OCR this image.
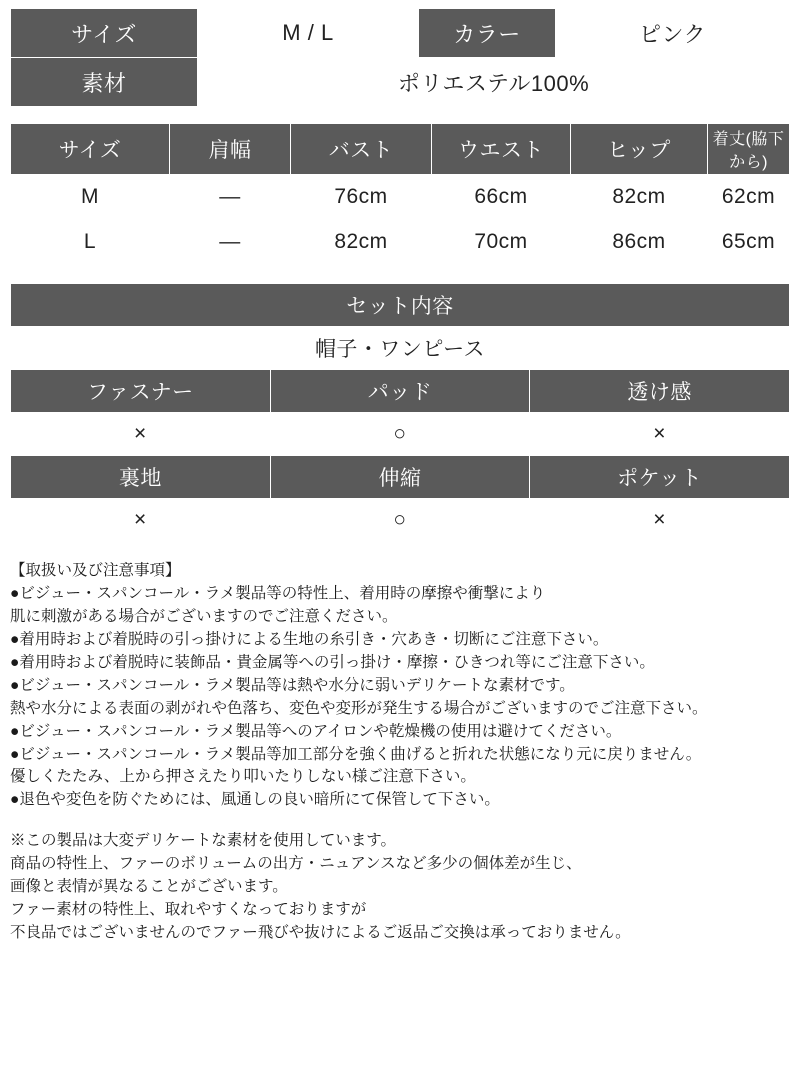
サイズ	M / L	カラー	ピンク
素材	ポリエステル100%		
サイズ	肩幅	バスト	ウエスト	ヒップ	着丈(脇下から)
M	—	76cm	66cm	82cm	62cm
L	—	82cm	70cm	86cm	65cm
セット内容		
帽子・ワンピース		
ファスナー	パッド	透け感
×	○	×
裏地	伸縮	ポケット
×	○	×
【取扱い及び注意事項】
●ビジュー・スパンコール・ラメ製品等の特性上、着用時の摩擦や衝撃により
肌に刺激がある場合がございますのでご注意ください。
●着用時および着脱時の引っ掛けによる生地の糸引き・穴あき・切断にご注意下さい。
●着用時および着脱時に装飾品・貴金属等への引っ掛け・摩擦・ひきつれ等にご注意下さい。
●ビジュー・スパンコール・ラメ製品等は熱や水分に弱いデリケートな素材です。
熱や水分による表面の剥がれや色落ち、変色や変形が発生する場合がございますのでご注意下さい。
●ビジュー・スパンコール・ラメ製品等へのアイロンや乾燥機の使用は避けてください。
●ビジュー・スパンコール・ラメ製品等加工部分を強く曲げると折れた状態になり元に戻りません。
優しくたたみ、上から押さえたり叩いたりしない様ご注意下さい。
●退色や変色を防ぐためには、風通しの良い暗所にて保管して下さい。
※この製品は大変デリケートな素材を使用しています。
商品の特性上、ファーのボリュームの出方・ニュアンスなど多少の個体差が生じ、
画像と表情が異なることがございます。
ファー素材の特性上、取れやすくなっておりますが
不良品ではございませんのでファー飛びや抜けによるご返品ご交換は承っておりません。
